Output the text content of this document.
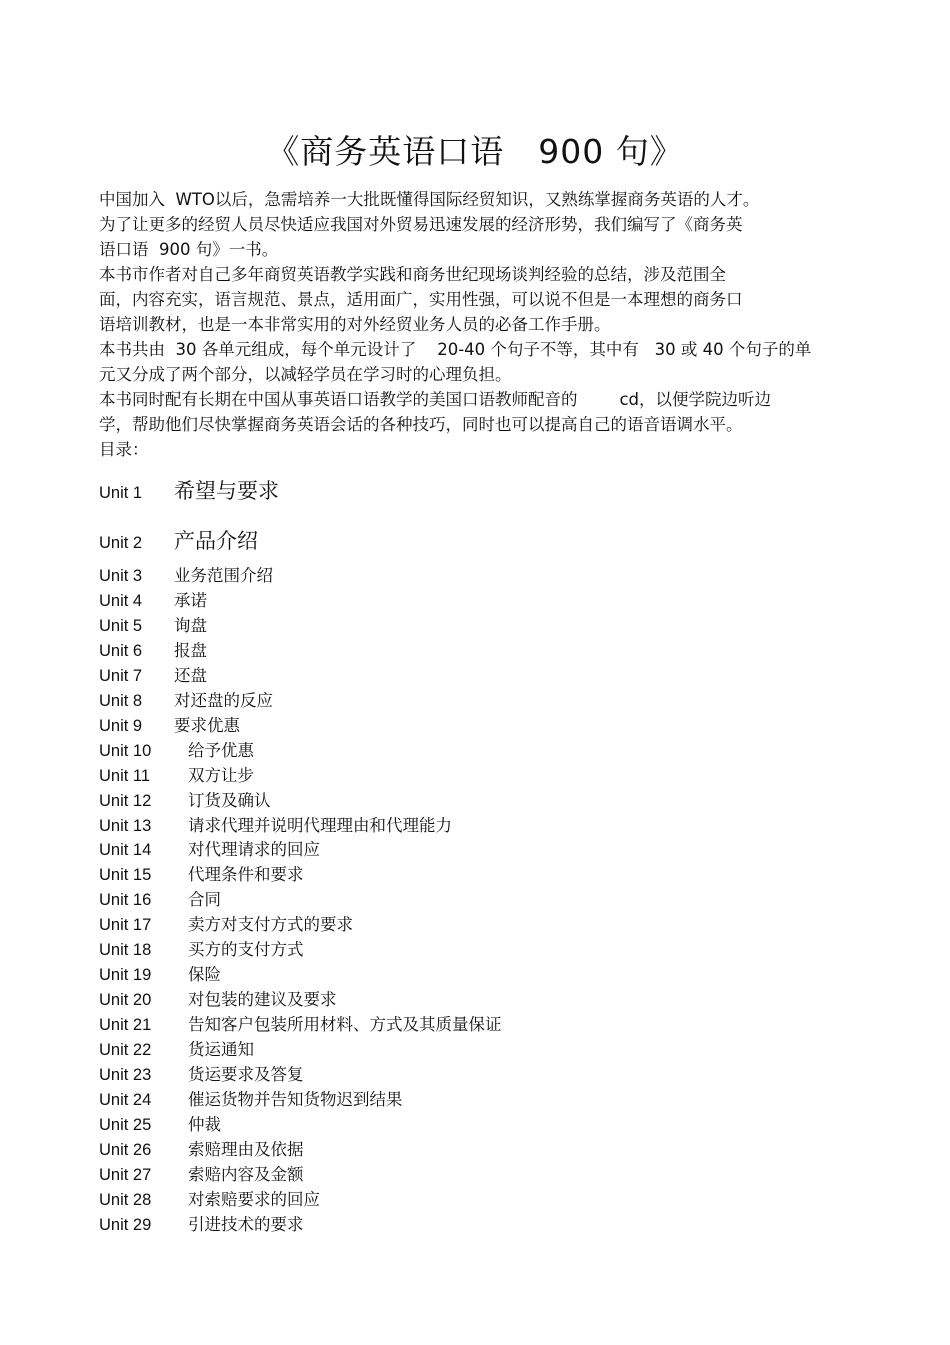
《商务英语口语　900 句》
中国加入  WTO以后，急需培养一大批既懂得国际经贸知识，又熟练掌握商务英语的人才。
为了让更多的经贸人员尽快适应我国对外贸易迅速发展的经济形势，我们编写了《商务英
语口语  900 句》一书。
本书市作者对自己多年商贸英语教学实践和商务世纪现场谈判经验的总结，涉及范围全
面，内容充实，语言规范、景点，适用面广，实用性强，可以说不但是一本理想的商务口
语培训教材，也是一本非常实用的对外经贸业务人员的必备工作手册。
本书共由  30 各单元组成，每个单元设计了    20-40 个句子不等，其中有   30 或 40 个句子的单
元又分成了两个部分，以减轻学员在学习时的心理负担。
本书同时配有长期在中国从事英语口语教学的美国口语教师配音的        cd，以便学院边听边
学，帮助他们尽快掌握商务英语会话的各种技巧，同时也可以提高自己的语音语调水平。
目录：
Unit 1 希望与要求
Unit 2 产品介绍
Unit 3 业务范围介绍
Unit 4 承诺
Unit 5 询盘
Unit 6 报盘
Unit 7 还盘
Unit 8 对还盘的反应
Unit 9 要求优惠
Unit 10 给予优惠
Unit 11 双方让步
Unit 12 订货及确认
Unit 13 请求代理并说明代理理由和代理能力
Unit 14 对代理请求的回应
Unit 15 代理条件和要求
Unit 16 合同
Unit 17 卖方对支付方式的要求
Unit 18 买方的支付方式
Unit 19 保险
Unit 20 对包装的建议及要求
Unit 21 告知客户包装所用材料、方式及其质量保证
Unit 22 货运通知
Unit 23 货运要求及答复
Unit 24 催运货物并告知货物迟到结果
Unit 25 仲裁
Unit 26 索赔理由及依据
Unit 27 索赔内容及金额
Unit 28 对索赔要求的回应
Unit 29 引进技术的要求
